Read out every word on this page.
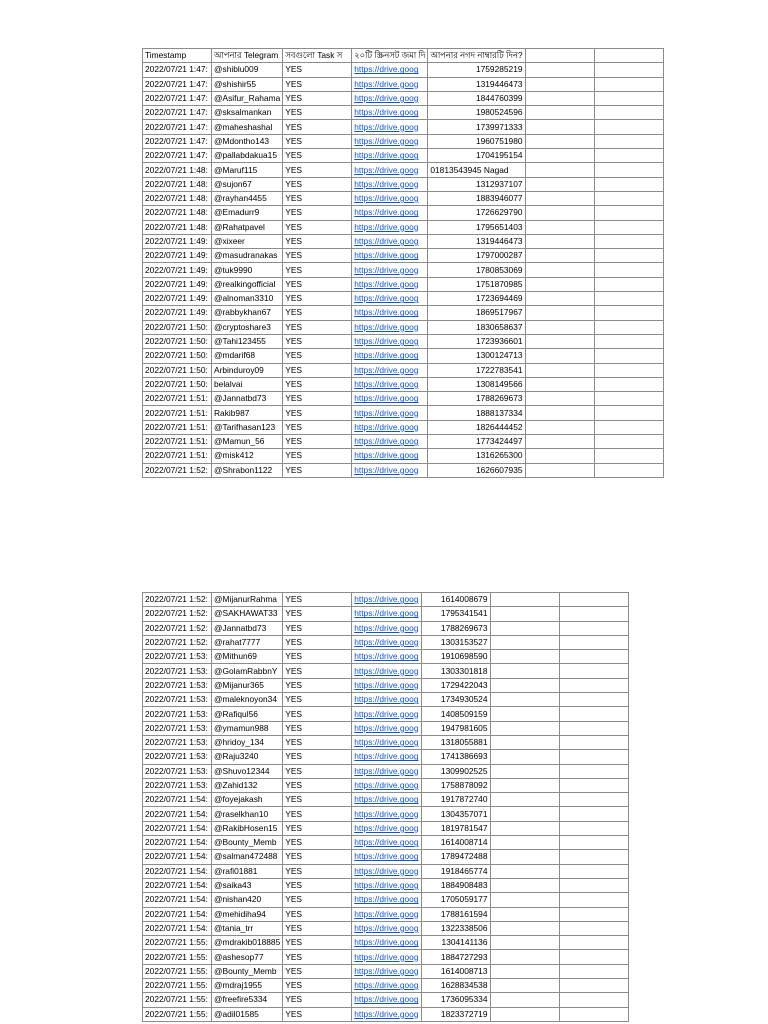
Timestamp	আপনার Telegram	সবগুলো Task স	২০টি স্ক্রিনসট জমা দি	আপনার নগদ নাম্বারটি দিন?		
2022/07/21 1:47:	@shiblu009	YES	https://drive.goog	1759285219		
2022/07/21 1:47:	@shishir55	YES	https://drive.goog	1319446473		
2022/07/21 1:47:	@Asifur_Rahama	YES	https://drive.goog	1844760399		
2022/07/21 1:47:	@sksalmankan	YES	https://drive.goog	1980524596		
2022/07/21 1:47:	@maheshashal	YES	https://drive.goog	1739971333		
2022/07/21 1:47:	@Mdontho143	YES	https://drive.goog	1960751980		
2022/07/21 1:47:	@pallabdakua15	YES	https://drive.goog	1704195154		
2022/07/21 1:48:	@Maruf115	YES	https://drive.goog	01813543945 Nagad		
2022/07/21 1:48:	@sujon67	YES	https://drive.goog	1312937107		
2022/07/21 1:48:	@rayhan4455	YES	https://drive.goog	1883946077		
2022/07/21 1:48:	@Emadurr9	YES	https://drive.goog	1726629790		
2022/07/21 1:48:	@Rahatpavel	YES	https://drive.goog	1795651403		
2022/07/21 1:49:	@xixeer	YES	https://drive.goog	1319446473		
2022/07/21 1:49:	@masudranakas	YES	https://drive.goog	1797000287		
2022/07/21 1:49:	@tuk9990	YES	https://drive.goog	1780853069		
2022/07/21 1:49:	@realkingofficial	YES	https://drive.goog	1751870985		
2022/07/21 1:49:	@alnoman3310	YES	https://drive.goog	1723694469		
2022/07/21 1:49:	@rabbykhan67	YES	https://drive.goog	1869517967		
2022/07/21 1:50:	@cryptoshare3	YES	https://drive.goog	1830658637		
2022/07/21 1:50:	@Tahi123455	YES	https://drive.goog	1723936601		
2022/07/21 1:50:	@mdarif68	YES	https://drive.goog	1300124713		
2022/07/21 1:50:	Arbinduroy09	YES	https://drive.goog	1722783541		
2022/07/21 1:50:	belalvai	YES	https://drive.goog	1308149566		
2022/07/21 1:51:	@Jannatbd73	YES	https://drive.goog	1788269673		
2022/07/21 1:51:	Rakib987	YES	https://drive.goog	1888137334		
2022/07/21 1:51:	@Tarifhasan123	YES	https://drive.goog	1826444452		
2022/07/21 1:51:	@Mamun_56	YES	https://drive.goog	1773424497		
2022/07/21 1:51:	@misk412	YES	https://drive.goog	1316265300		
2022/07/21 1:52:	@Shrabon1122	YES	https://drive.goog	1626607935		
2022/07/21 1:52:	@MijanurRahma	YES	https://drive.goog	1614008679		
2022/07/21 1:52:	@SAKHAWAT33	YES	https://drive.goog	1795341541		
2022/07/21 1:52:	@Jannatbd73	YES	https://drive.goog	1788269673		
2022/07/21 1:52:	@rahat7777	YES	https://drive.goog	1303153527		
2022/07/21 1:53:	@Mithun69	YES	https://drive.goog	1910698590		
2022/07/21 1:53:	@GolamRabbnY	YES	https://drive.goog	1303301818		
2022/07/21 1:53:	@Mijanur365	YES	https://drive.goog	1729422043		
2022/07/21 1:53:	@maleknoyon34	YES	https://drive.goog	1734930524		
2022/07/21 1:53:	@Rafiqul56	YES	https://drive.goog	1408509159		
2022/07/21 1:53:	@ymamun988	YES	https://drive.goog	1947981605		
2022/07/21 1:53:	@hridoy_134	YES	https://drive.goog	1318055881		
2022/07/21 1:53:	@Raju3240	YES	https://drive.goog	1741386693		
2022/07/21 1:53:	@Shuvo12344	YES	https://drive.goog	1309902525		
2022/07/21 1:53:	@Zahid132	YES	https://drive.goog	1758878092		
2022/07/21 1:54:	@foyejakash	YES	https://drive.goog	1917872740		
2022/07/21 1:54:	@raselkhan10	YES	https://drive.goog	1304357071		
2022/07/21 1:54:	@RakibHosen15	YES	https://drive.goog	1819781547		
2022/07/21 1:54:	@Bounty_Memb	YES	https://drive.goog	1614008714		
2022/07/21 1:54:	@salman472488	YES	https://drive.goog	1789472488		
2022/07/21 1:54:	@rafi01881	YES	https://drive.goog	1918465774		
2022/07/21 1:54:	@saika43	YES	https://drive.goog	1884908483		
2022/07/21 1:54:	@nishan420	YES	https://drive.goog	1705059177		
2022/07/21 1:54:	@mehidiha94	YES	https://drive.goog	1788161594		
2022/07/21 1:54:	@tania_trr	YES	https://drive.goog	1322338506		
2022/07/21 1:55:	@mdrakib018885	YES	https://drive.goog	1304141136		
2022/07/21 1:55:	@ashesop77	YES	https://drive.goog	1884727293		
2022/07/21 1:55:	@Bounty_Memb	YES	https://drive.goog	1614008713		
2022/07/21 1:55:	@mdraj1955	YES	https://drive.goog	1628834538		
2022/07/21 1:55:	@freefire5334	YES	https://drive.goog	1736095334		
2022/07/21 1:55:	@adil01585	YES	https://drive.goog	1823372719		
